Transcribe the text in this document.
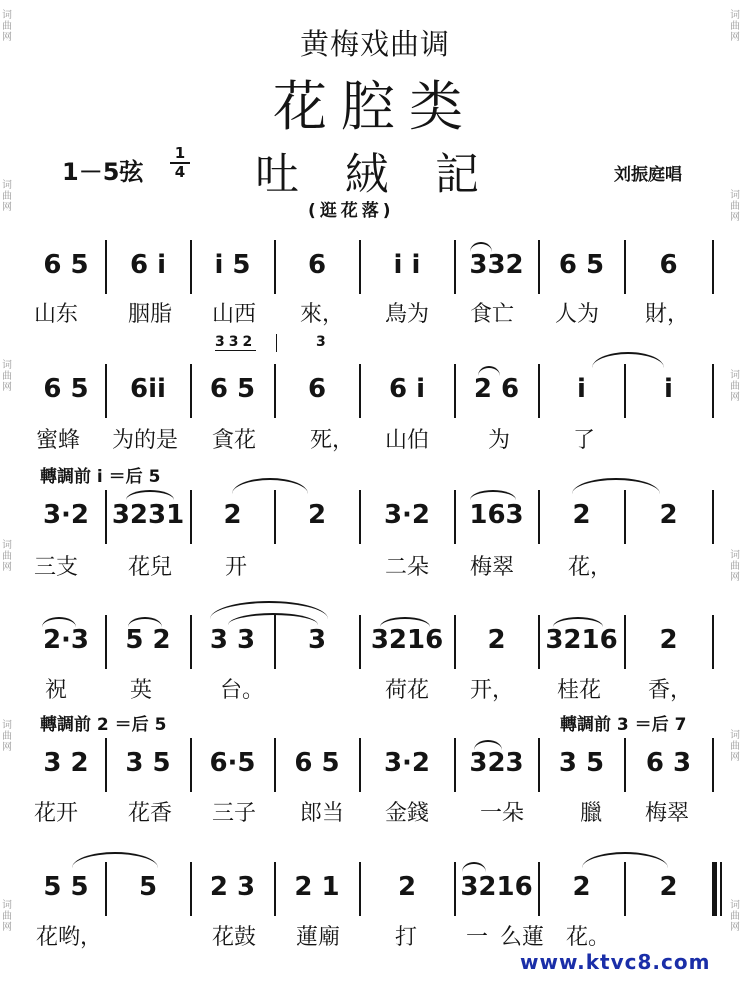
词
曲
网
词
曲
网
词
曲
网
词
曲
网
词
曲
网
词
曲
网
词
曲
网
词
曲
网
词
曲
网
词
曲
网
词
曲
网
词
曲
网
黄梅戏曲调
花腔类
1－5弦
1
4 吐絨記	刘振庭唱
(逛花落)
6 5	6 i	i 5	6	i i	332	6 5	6
山东 胭脂 山西 來， 鳥为 食亡 人为 財，
332	3
6 5	6ii	6 5	6	6 i	2 6	i	i
蜜蜂 为的是 貪花 死， 山伯	为	了
轉調前 i ＝后 5
3·2 3231	2	2	3·2	163	2	2
三支 花兒 开	二朵 梅翠 花，
2·3	5 2	3 3	3	3216	2	3216	2
祝	英	台。	荷花 开， 桂花 香，
轉調前 2 ＝后 5	轉調前 3 ＝后 7
3 2	3 5	6·5	6 5	3·2	323	3 5	6 3
花开 花香 三子 郎当 金錢 一朵	臘 梅翠
5 5	5	2 3	2 1	2	3216	2	2
花哟，	花鼓 蓮廟 打 一 么蓮 花。
www.ktvc8.com
